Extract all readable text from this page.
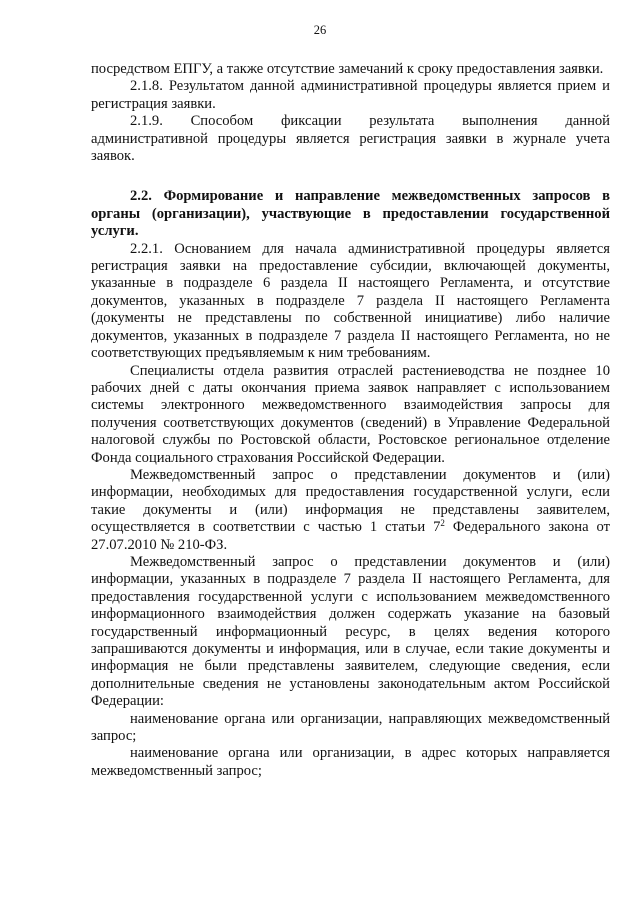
26

посредством ЕПГУ, а также отсутствие замечаний к сроку предоставления заявки.

2.1.8. Результатом данной административной процедуры является прием и регистрация заявки.

2.1.9. Способом фиксации результата выполнения данной административной процедуры является регистрация заявки в журнале учета заявок.

2.2. Формирование и направление межведомственных запросов в органы (организации), участвующие в предоставлении государственной услуги.

2.2.1. Основанием для начала административной процедуры является регистрация заявки на предоставление субсидии, включающей документы, указанные в подразделе 6 раздела II настоящего Регламента, и отсутствие документов, указанных в подразделе 7 раздела II настоящего Регламента (документы не представлены по собственной инициативе) либо наличие документов, указанных в подразделе 7 раздела II настоящего Регламента, но не соответствующих предъявляемым к ним требованиям.

Специалисты отдела развития отраслей растениеводства не позднее 10 рабочих дней с даты окончания приема заявок направляет с использованием системы электронного межведомственного взаимодействия запросы для получения соответствующих документов (сведений) в Управление Федеральной налоговой службы по Ростовской области, Ростовское региональное отделение Фонда социального страхования Российской Федерации.

Межведомственный запрос о представлении документов и (или) информации, необходимых для предоставления государственной услуги, если такие документы и (или) информация не представлены заявителем, осуществляется в соответствии с частью 1 статьи $7^2$ Федерального закона от 27.07.2010 № 210-ФЗ.

Межведомственный запрос о представлении документов и (или) информации, указанных в подразделе 7 раздела II настоящего Регламента, для предоставления государственной услуги с использованием межведомственного информационного взаимодействия должен содержать указание на базовый государственный информационный ресурс, в целях ведения которого запрашиваются документы и информация, или в случае, если такие документы и информация не были представлены заявителем, следующие сведения, если дополнительные сведения не установлены законодательным актом Российской Федерации:

наименование органа или организации, направляющих межведомственный запрос;

наименование органа или организации, в адрес которых направляется межведомственный запрос;
